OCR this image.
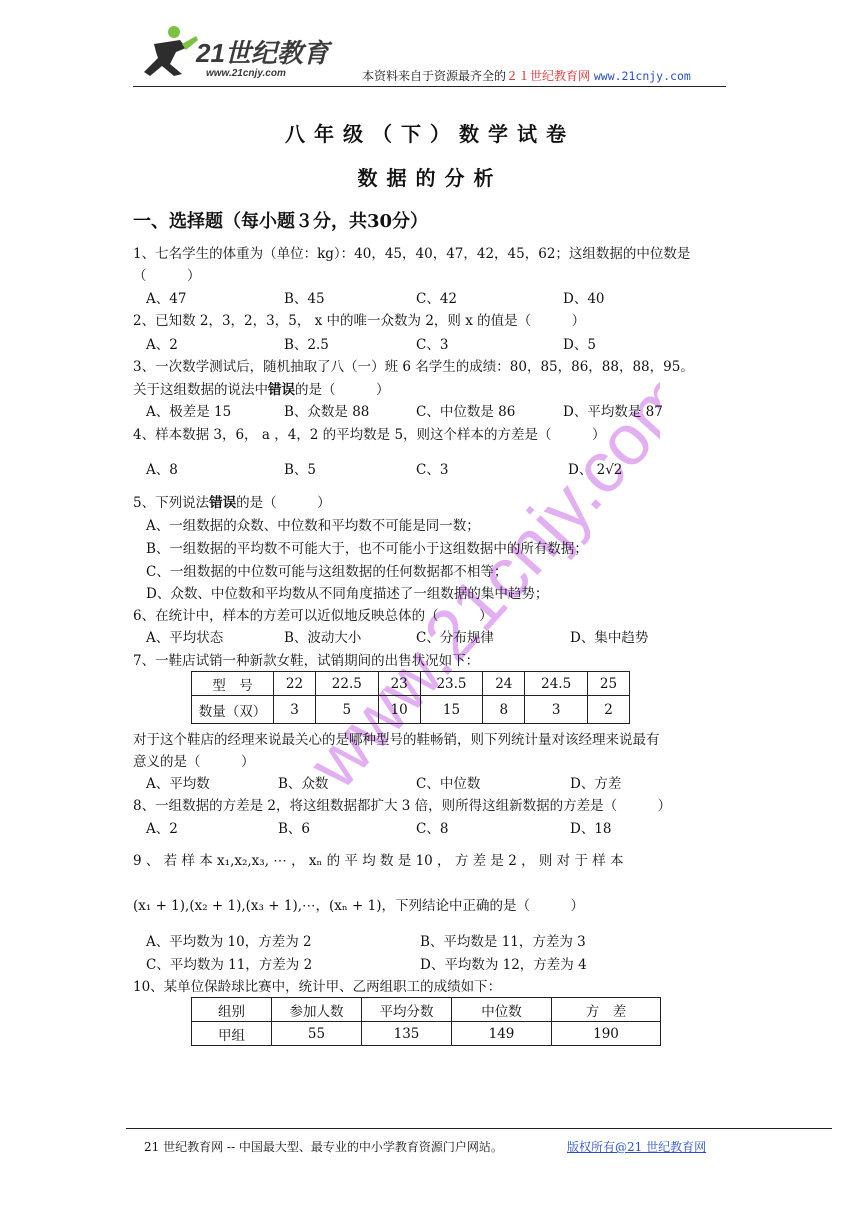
21世纪教育
www.21cnjy.com	本资料来自于资源最齐全的２１世纪教育网 www.21cnjy.com
八年级（下）数学试卷
数据的分析
一、选择题（每小题３分，共30分）
www.21cnjy.com
1、七名学生的体重为（单位：kg）：40，45，40，47，42，45，62；这组数据的中位数是
（　　　）
A、47	B、45	C、42	D、40
2、已知数 2，3，2，3，5， x 中的唯一众数为 2，则 x 的值是（　　　）
A、2	B、2.5	C、3	D、5
3、一次数学测试后，随机抽取了八（一）班 6 名学生的成绩：80，85，86，88，88，95。
关于这组数据的说法中错误的是（　　　）
A、极差是 15	B、众数是 88	C、中位数是 86	D、平均数是 87
4、样本数据 3，6， a ，4，2 的平均数是 5，则这个样本的方差是（　　　）
A、8	B、5	C、3	D、 2√2
5、下列说法错误的是（　　　）
A、一组数据的众数、中位数和平均数不可能是同一数；
B、一组数据的平均数不可能大于，也不可能小于这组数据中的所有数据；
C、一组数据的中位数可能与这组数据的任何数据都不相等；
D、众数、中位数和平均数从不同角度描述了一组数据的集中趋势；
6、在统计中，样本的方差可以近似地反映总体的（　　　）
A、平均状态	B、波动大小	C、分布规律	D、集中趋势
7、一鞋店试销一种新款女鞋，试销期间的出售状况如下：
型　号	22	22.5	23	23.5	24	24.5	25
数量（双）	3	5	10	15	8	3	2
对于这个鞋店的经理来说最关心的是哪种型号的鞋畅销，则下列统计量对该经理来说最有
意义的是（　　　）
A、平均数	B、众数	C、中位数	D、方差
8、一组数据的方差是 2，将这组数据都扩大 3 倍，则所得这组新数据的方差是（　　　）
A、2	B、6	C、8	D、18
9 、 若 样 本 x₁,x₂,x₃, ⋯ ， xₙ 的 平 均 数 是 10 ， 方 差 是 2 ， 则 对 于 样 本
(x₁ + 1),(x₂ + 1),(x₃ + 1),⋯，(xₙ + 1)，下列结论中正确的是（　　　）
A、平均数为 10，方差为 2	B、平均数是 11，方差为 3
C、平均数为 11，方差为 2	D、平均数为 12，方差为 4
10、某单位保龄球比赛中，统计甲、乙两组职工的成绩如下：
组别	参加人数	平均分数	中位数	方　差
甲组	55	135	149	190
21 世纪教育网 -- 中国最大型、最专业的中小学教育资源门户网站。	版权所有@21 世纪教育网
